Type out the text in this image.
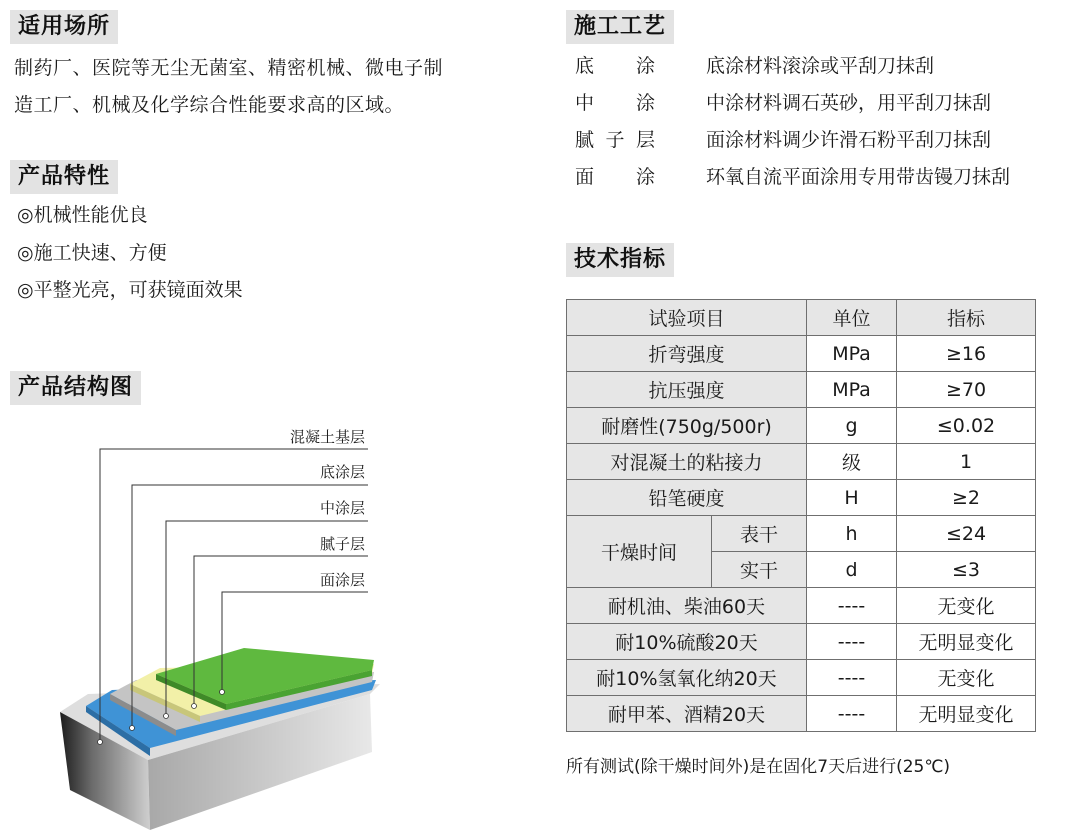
适用场所
制药厂、医院等无尘无菌室、精密机械、微电子制
造工厂、机械及化学综合性能要求高的区域。
产品特性
◎机械性能优良
◎施工快速、方便
◎平整光亮，可获镜面效果
产品结构图
混凝土基层
底涂层
中涂层
腻子层
面涂层
施工工艺
底 涂	底涂材料滚涂或平刮刀抹刮
中 涂	中涂材料调石英砂，用平刮刀抹刮
腻 子 层	面涂材料调少许滑石粉平刮刀抹刮
面 涂	环氧自流平面涂用专用带齿镘刀抹刮
技术指标
试验项目		单位	指标
折弯强度		MPa	≥16
抗压强度		MPa	≥70
耐磨性(750g/500r)		g	≤0.02
对混凝土的粘接力		级	1
铅笔硬度		H	≥2
干燥时间	表干	h	≤24
	实干	d	≤3
耐机油、柴油60天		----	无变化
耐10%硫酸20天		----	无明显变化
耐10%氢氧化纳20天		----	无变化
耐甲苯、酒精20天		----	无明显变化
所有测试(除干燥时间外)是在固化7天后进行(25℃)
